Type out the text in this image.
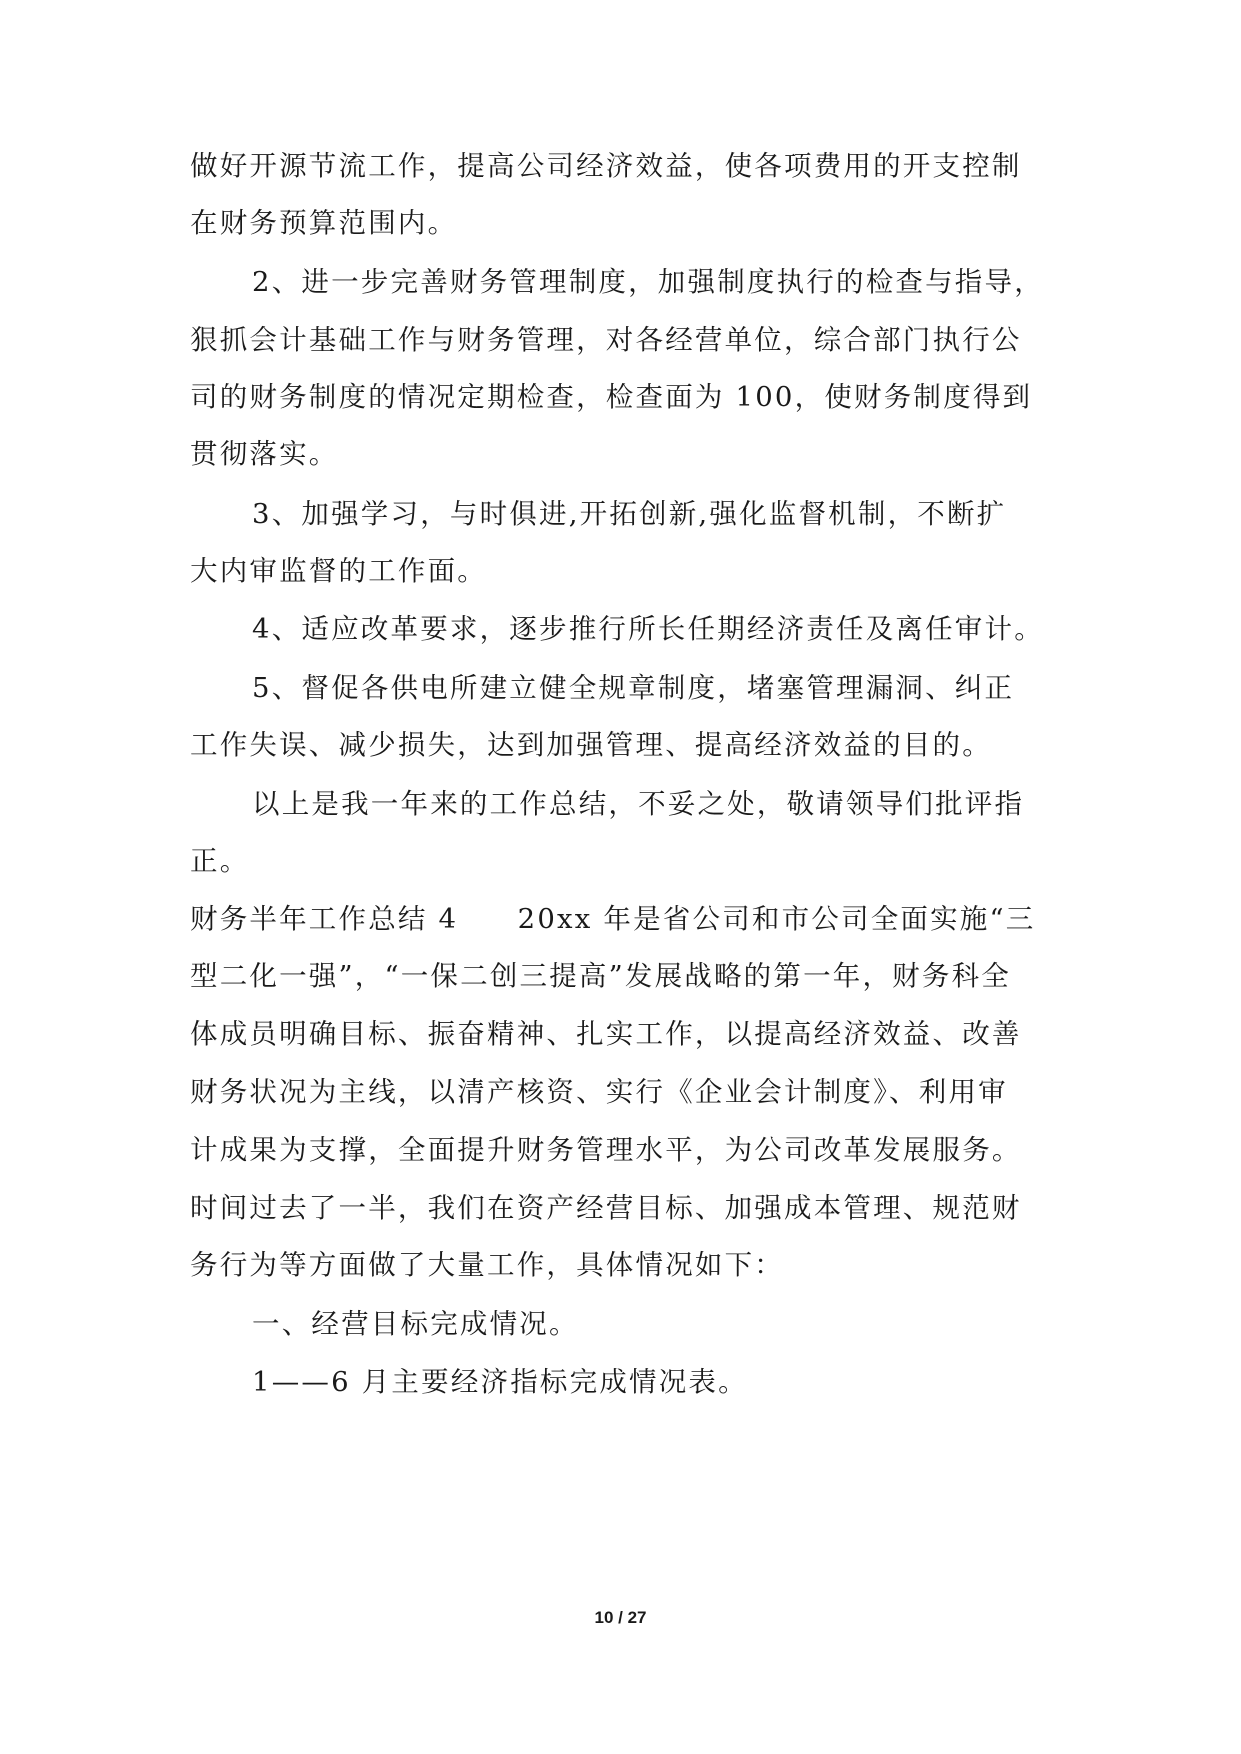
做好开源节流工作，提高公司经济效益，使各项费用的开支控制
在财务预算范围内。
2、进一步完善财务管理制度，加强制度执行的检查与指导，
狠抓会计基础工作与财务管理，对各经营单位，综合部门执行公
司的财务制度的情况定期检查，检查面为 100，使财务制度得到
贯彻落实。
3、加强学习，与时俱进,开拓创新,强化监督机制，不断扩
大内审监督的工作面。
4、适应改革要求，逐步推行所长任期经济责任及离任审计。
5、督促各供电所建立健全规章制度，堵塞管理漏洞、纠正
工作失误、减少损失，达到加强管理、提高经济效益的目的。
以上是我一年来的工作总结，不妥之处，敬请领导们批评指
正。
财务半年工作总结 4　　20xx 年是省公司和市公司全面实施“三
型二化一强”，“一保二创三提高”发展战略的第一年，财务科全
体成员明确目标、振奋精神、扎实工作，以提高经济效益、改善
财务状况为主线，以清产核资、实行《企业会计制度》、利用审
计成果为支撑，全面提升财务管理水平，为公司改革发展服务。
时间过去了一半，我们在资产经营目标、加强成本管理、规范财
务行为等方面做了大量工作，具体情况如下：
一、经营目标完成情况。
1——6 月主要经济指标完成情况表。
10 / 27
